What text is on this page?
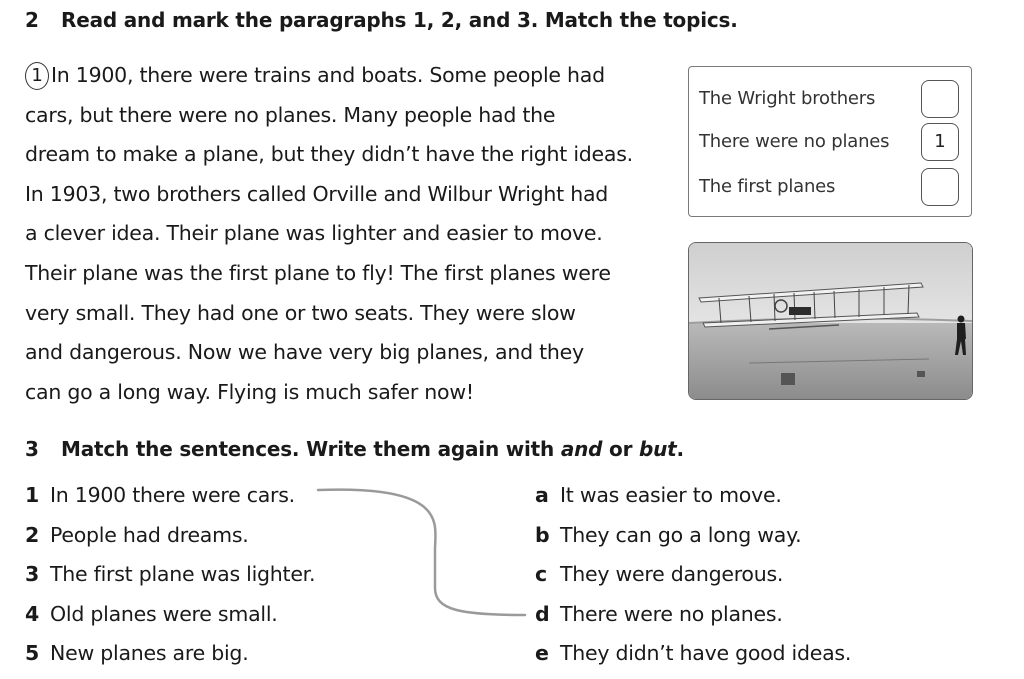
2 Read and mark the paragraphs 1, 2, and 3. Match the topics.
1 In 1900, there were trains and boats. Some people had
cars, but there were no planes. Many people had the
dream to make a plane, but they didn’t have the right ideas.
In 1903, two brothers called Orville and Wilbur Wright had
a clever idea. Their plane was lighter and easier to move.
Their plane was the first plane to fly! The first planes were
very small. They had one or two seats. They were slow
and dangerous. Now we have very big planes, and they
can go a long way. Flying is much safer now!
The Wright brothers
There were no planes	1
The first planes
3 Match the sentences. Write them again with and or but.
1 In 1900 there were cars.
2 People had dreams.
3 The first plane was lighter.
4 Old planes were small.
5 New planes are big.
a It was easier to move.
b They can go a long way.
c They were dangerous.
d There were no planes.
e They didn’t have good ideas.
